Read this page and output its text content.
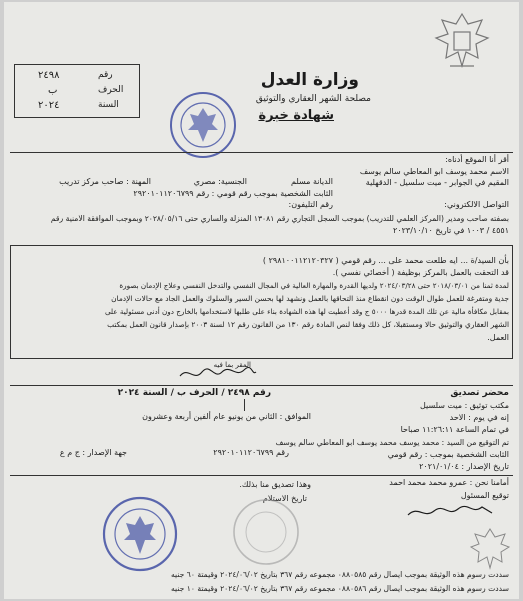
وزارة العدل
مصلحة الشهر العقاري والتوثيق
شهادة خبرة
رقم
٢٤٩٨
الحرف
ب
السنة
٢٠٢٤
أقر أنا الموقع أدناه:
الاسم محمد يوسف ابو المعاطي سالم يوسف
الديانة مسلم
الجنسية: مصري
المهنة : صاحب مركز تدريب	المقيم في الجوابر - ميت سلسيل - الدقهلية
الثابت الشخصية بموجب رقم قومي : رقم ٢٩٢٠١٠١١٢٠٦٧٩٩
التواصل الالكتروني:
رقم التليفون:
بصفته صاحب ومدير (المركز العلمي للتدريب) بموجب السجل التجاري رقم ١٣٠٨١ المنزلة والساري حتى ٢٠٢٨/٠٥/١٦ وبموجب الموافقة الامنية رقم
٤٥٥١ / ١٠٠٣ في تاريخ ٢٠٢٣/١٠/١٠
بأن السيد/ة ... ايه طلعت محمد على ... رقم قومي ( ٢٩٨١٠٠١١٢١٢٠٣٢٧ )
قد التحقت بالعمل بالمركز بوظيفة ( أخصائي نفسي ).
لمدة ثمنا من ٢٠١٨/٠٣/٠١ حتى ٢٠٢٤/٠٣/٢٨ ولديها القدرة والمهارة العالية في المجال النفسي والتدخل النفسي وعلاج الإدمان بصورة
جدية ومتفرغة للعمل طوال الوقت دون انقطاع منذ التحاقها بالعمل ونشهد لها بحسن السير والسلوك والعمل الجاد مع حالات الإدمان
بمقابل مكافأة مالية عن تلك المدة قدرها ٥٠٠٠ ج وقد أعطيت لها هذه الشهادة بناء على طلبها لاستخدامها بالخارج دون أدنى مسئولية على
الشهر العقاري والتوثيق حالا ومستقبلا، كل ذلك وفقا لنص المادة رقم ١٣٠ من القانون رقم ١٢ لسنة ٢٠٠٣ بإصدار قانون العمل بمكتب
العمل.
المقر بما فيه
محضر تصديق
رقم ٢٤٩٨ / الحرف ب / السنة ٢٠٢٤
مكتب توثيق : ميت سلسيل
إنه في يوم : الاحد
الموافق : الثاني من يونيو عام ألفين أربعة وعشرون
في تمام الساعة ١١:٢٦:١١ صباحا
تم التوقيع من السيد : محمد يوسف محمد يوسف ابو المعاطي سالم يوسف
الثابت الشخصية بموجب : رقم قومي
رقم ٢٩٢٠١٠١١٢٠٦٧٩٩
جهة الإصدار : ج م ع
تاريخ الإصدار : ٢٠٢١/٠١/٠٤
أمامنا نحن : عمرو محمد محمد احمد
وهذا تصديق منا بذلك.
توقيع المسئول
تاريخ الاستلام
سددت رسوم هذه الوثيقة بموجب ايصال رقم ٠٨٨٠٥٨٥ مجموعه رقم ٣٦٧ بتاريخ ٢٠٢٤/٠٦/٠٢ وقيمتة ٦٠ جنيه
سددت رسوم هذه الوثيقة بموجب ايصال رقم ٠٨٨٠٥٨٦ مجموعه رقم ٣٦٧ بتاريخ ٢٠٢٤/٠٦/٠٢ وقيمتة ١٠ جنيه
